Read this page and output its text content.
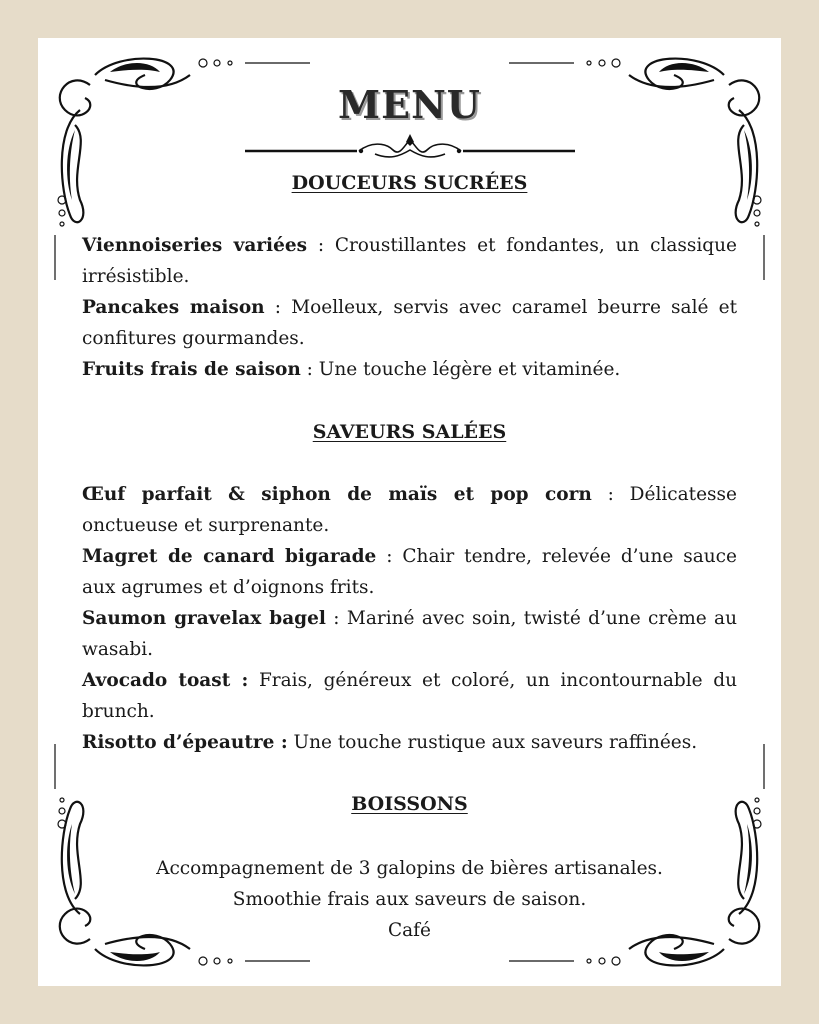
MENU
DOUCEURS SUCRÉES

Viennoiseries variées : Croustillantes et fondantes, un classique irrésistible.

Pancakes maison : Moelleux, servis avec caramel beurre salé et confitures gourmandes.

Fruits frais de saison : Une touche légère et vitaminée.

SAVEURS SALÉES

Œuf parfait & siphon de maïs et pop corn : Délicatesse onctueuse et surprenante.

Magret de canard bigarade : Chair tendre, relevée d’une sauce aux agrumes et d’oignons frits.

Saumon gravelax bagel : Mariné avec soin, twisté d’une crème au wasabi.

Avocado toast : Frais, généreux et coloré, un incontournable du brunch.

Risotto d’épeautre : Une touche rustique aux saveurs raffinées.

BOISSONS

Accompagnement de 3 galopins de bières artisanales.

Smoothie frais aux saveurs de saison.

Café
